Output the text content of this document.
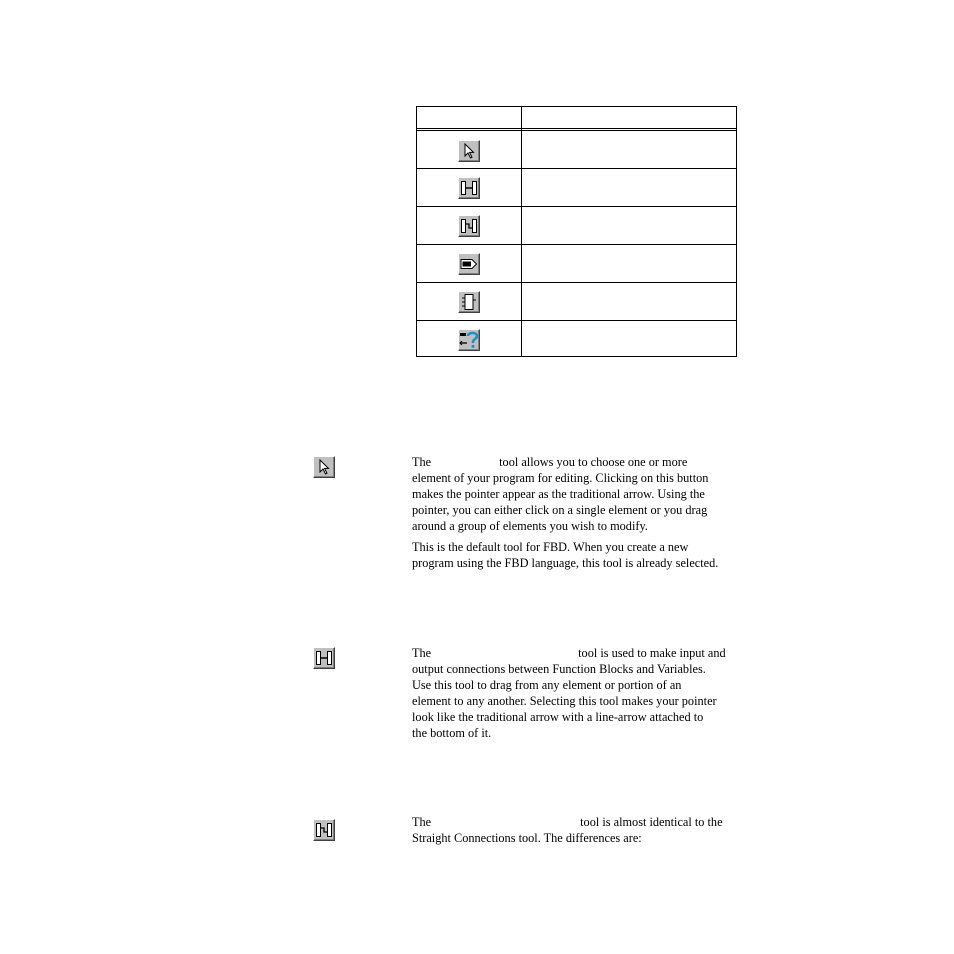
The	tool allows you to choose one or more
element of your program for editing. Clicking on this button
makes the pointer appear as the traditional arrow. Using the
pointer, you can either click on a single element or you drag
around a group of elements you wish to modify.

This is the default tool for FBD. When you create a new
program using the FBD language, this tool is already selected.

The	tool is used to make input and
output connections between Function Blocks and Variables.
Use this tool to drag from any element or portion of an
element to any another. Selecting this tool makes your pointer
look like the traditional arrow with a line-arrow attached to
the bottom of it.

The	tool is almost identical to the
Straight Connections tool. The differences are:
